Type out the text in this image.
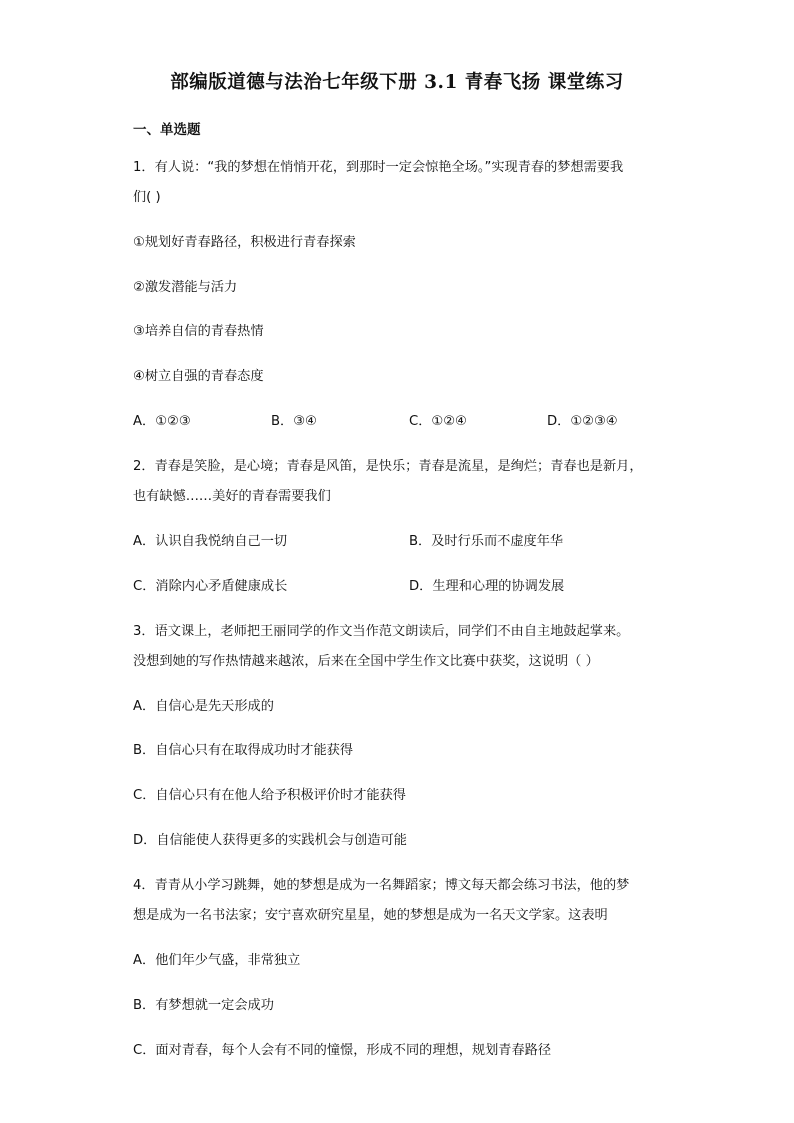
部编版道德与法治七年级下册 3.1 青春飞扬 课堂练习
一、单选题
1．有人说：“我的梦想在悄悄开花，到那时一定会惊艳全场。”实现青春的梦想需要我
们( )
①规划好青春路径，积极进行青春探索
②激发潜能与活力
③培养自信的青春热情
④树立自强的青春态度
A．①②③	B．③④	C．①②④	D．①②③④
2．青春是笑脸，是心境；青春是风笛，是快乐；青春是流星，是绚烂；青春也是新月，
也有缺憾……美好的青春需要我们
A．认识自我悦纳自己一切	B．及时行乐而不虚度年华
C．消除内心矛盾健康成长	D．生理和心理的协调发展
3．语文课上，老师把王丽同学的作文当作范文朗读后，同学们不由自主地鼓起掌来。
没想到她的写作热情越来越浓，后来在全国中学生作文比赛中获奖，这说明（ ）
A．自信心是先天形成的
B．自信心只有在取得成功时才能获得
C．自信心只有在他人给予积极评价时才能获得
D．自信能使人获得更多的实践机会与创造可能
4．青青从小学习跳舞，她的梦想是成为一名舞蹈家；博文每天都会练习书法，他的梦
想是成为一名书法家；安宁喜欢研究星星，她的梦想是成为一名天文学家。这表明
A．他们年少气盛，非常独立
B．有梦想就一定会成功
C．面对青春，每个人会有不同的憧憬，形成不同的理想，规划青春路径
